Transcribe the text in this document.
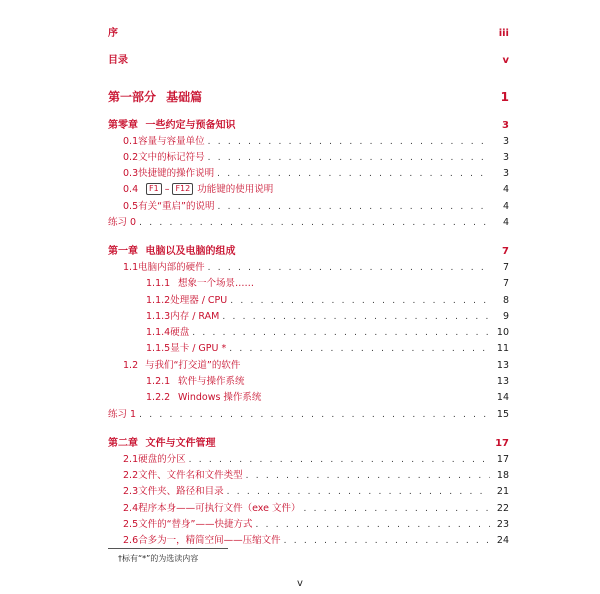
序	iii
目录	v
第一部分 基础篇	1
第零章 一些约定与预备知识	3
0.1 容量与容量单位 . . .	3
0.2 文中的标记符号 . . .	3
0.3 快捷键的操作说明 . . .	3
0.4	F1 – F12 功能键的使用说明	4
0.5 有关“重启”的说明 . . .	4
练习 0 . . .	4
第一章 电脑以及电脑的组成	7
1.1 电脑内部的硬件 . . .	7
1.1.1 想象一个场景……	7
1.1.2 处理器 / CPU . . .	8
1.1.3 内存 / RAM . . .	9
1.1.4 硬盘 . . .	10
1.1.5 显卡 / GPU * . . .	11
1.2 与我们“打交道”的软件	13
1.2.1 软件与操作系统	13
1.2.2 Windows 操作系统	14
练习 1 . . .	15
第二章 文件与文件管理	17
2.1 硬盘的分区 . . .	17
2.2 文件、文件名和文件类型 . . .	18
2.3 文件夹、路径和目录 . . .	21
2.4 程序本身——可执行文件（exe 文件） . . .	22
2.5 文件的“替身”——快捷方式 . . .	23
2.6 合多为一，精简空间——压缩文件 . . .	24
†标有“*”的为选读内容
v
